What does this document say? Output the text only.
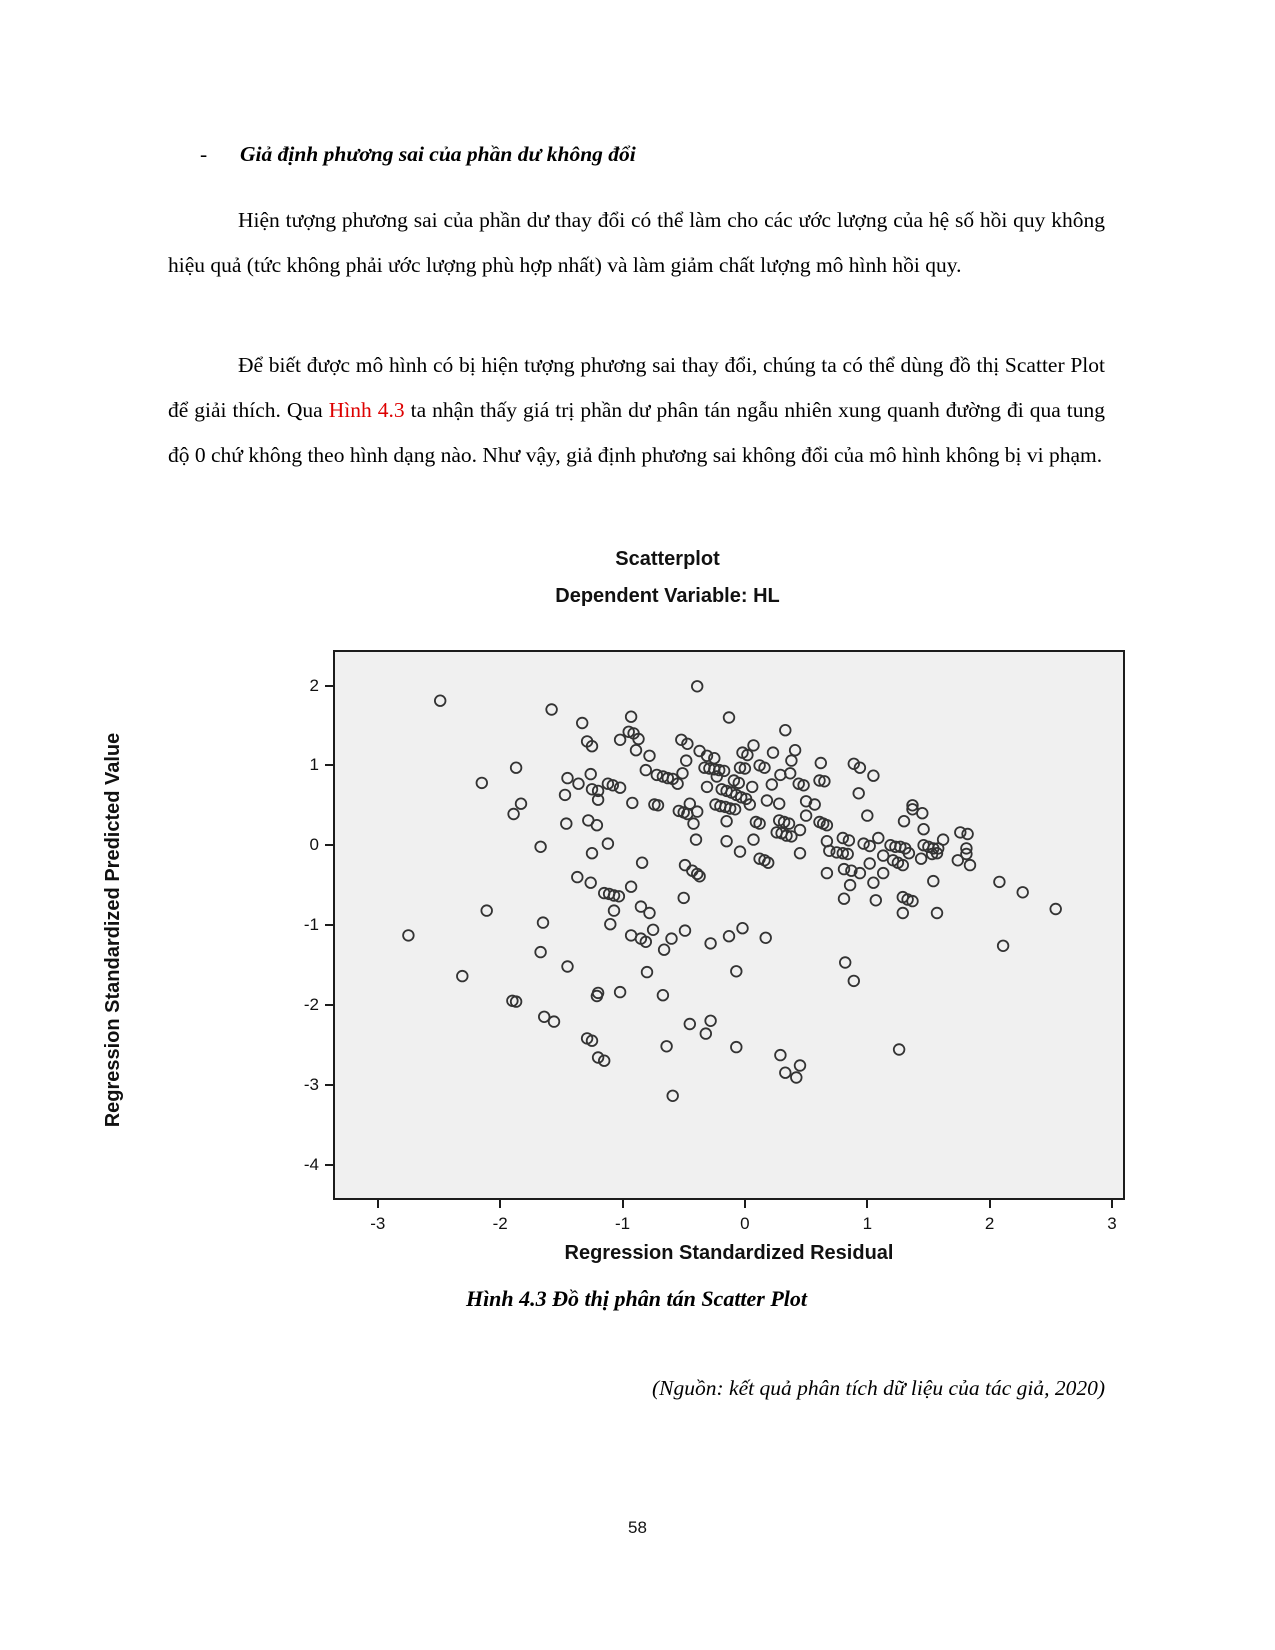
- Giả định phương sai của phần dư không đổi
Hiện tượng phương sai của phần dư thay đổi có thể làm cho các ước lượng của hệ số hồi quy không hiệu quả (tức không phải ước lượng phù hợp nhất) và làm giảm chất lượng mô hình hồi quy.
Để biết được mô hình có bị hiện tượng phương sai thay đổi, chúng ta có thể dùng đồ thị Scatter Plot để giải thích. Qua Hình 4.3 ta nhận thấy giá trị phần dư phân tán ngẫu nhiên xung quanh đường đi qua tung độ 0 chứ không theo hình dạng nào. Như vậy, giả định phương sai không đổi của mô hình không bị vi phạm.
Scatterplot
Dependent Variable: HL
Regression Standardized Predicted Value
-3	-2	-1	0	1	2	3
2
1
0
-1
-2
-3
-4
Regression Standardized Residual
Hình 4.3 Đồ thị phân tán Scatter Plot
(Nguồn: kết quả phân tích dữ liệu của tác giả, 2020)
58
